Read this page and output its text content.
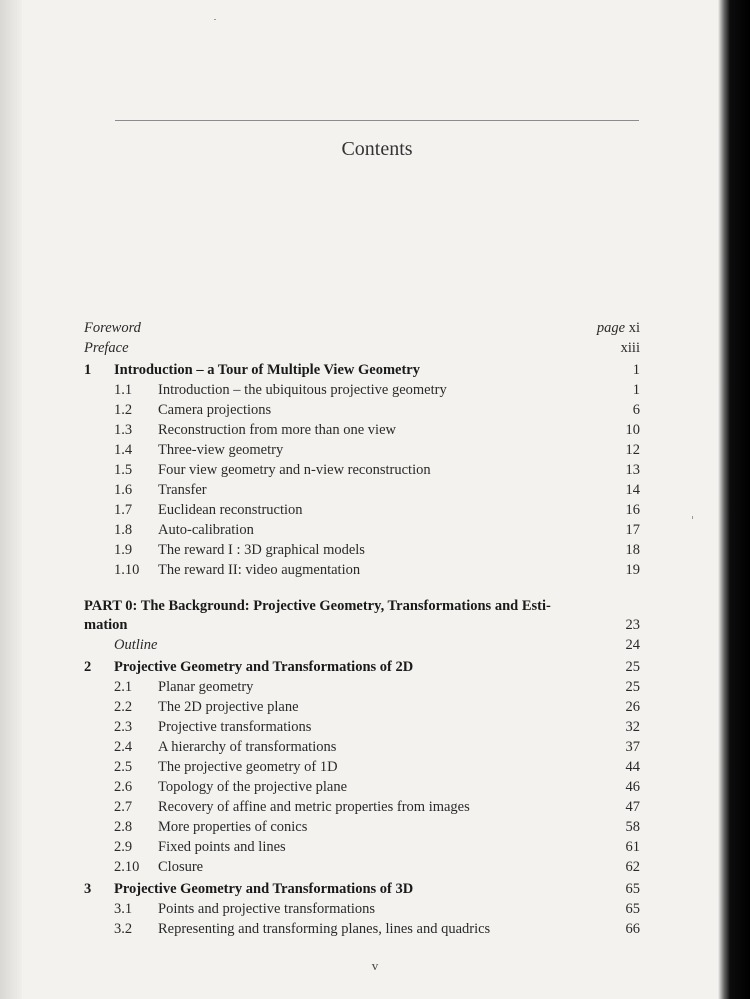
Contents
Foreword	page xi
Preface	xiii
1 Introduction – a Tour of Multiple View Geometry	1
1.1 Introduction – the ubiquitous projective geometry	1
1.2 Camera projections	6
1.3 Reconstruction from more than one view	10
1.4 Three-view geometry	12
1.5 Four view geometry and n-view reconstruction	13
1.6 Transfer	14
1.7 Euclidean reconstruction	16
1.8 Auto-calibration	17
1.9 The reward I : 3D graphical models	18
1.10 The reward II: video augmentation	19
PART 0: The Background: Projective Geometry, Transformations and Esti-
mation	23
Outline	24
2 Projective Geometry and Transformations of 2D	25
2.1 Planar geometry	25
2.2 The 2D projective plane	26
2.3 Projective transformations	32
2.4 A hierarchy of transformations	37
2.5 The projective geometry of 1D	44
2.6 Topology of the projective plane	46
2.7 Recovery of affine and metric properties from images	47
2.8 More properties of conics	58
2.9 Fixed points and lines	61
2.10 Closure	62
3 Projective Geometry and Transformations of 3D	65
3.1 Points and projective transformations	65
3.2 Representing and transforming planes, lines and quadrics	66
v
